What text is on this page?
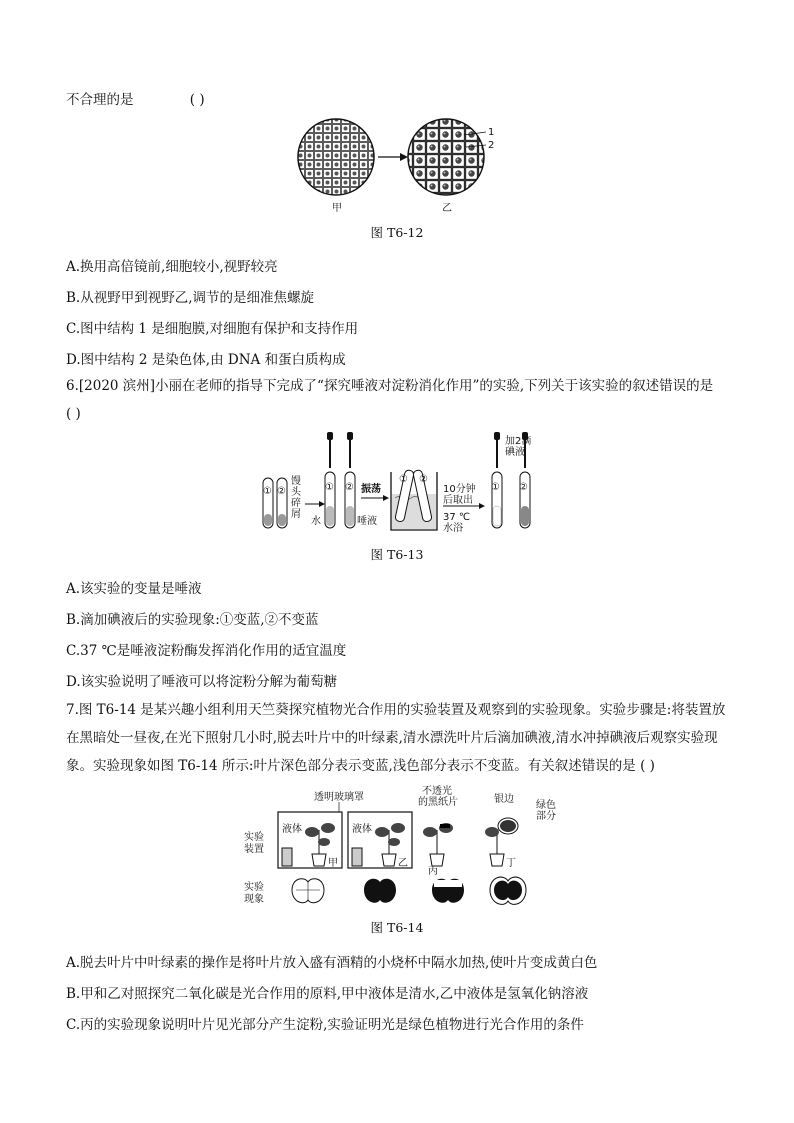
不合理的是	( )
1
2
甲	乙
图 T6-12
A.换用高倍镜前,细胞较小,视野较亮
B.从视野甲到视野乙,调节的是细准焦螺旋
C.图中结构 1 是细胞膜,对细胞有保护和支持作用
D.图中结构 2 是染色体,由 DNA 和蛋白质构成
6.[2020 滨州]小丽在老师的指导下完成了“探究唾液对淀粉消化作用”的实验,下列关于该实验的叙述错误的是
( )
① ②
馒头碎屑
① ②
水	唾液
振荡
① ②
10分钟后取出
37 ℃水浴
① ②
加2滴碘液
图 T6-13
A.该实验的变量是唾液
B.滴加碘液后的实验现象:①变蓝,②不变蓝
C.37 ℃是唾液淀粉酶发挥消化作用的适宜温度
D.该实验说明了唾液可以将淀粉分解为葡萄糖
7.图 T6-14 是某兴趣小组利用天竺葵探究植物光合作用的实验装置及观察到的实验现象。实验步骤是:将装置放在黑暗处一昼夜,在光下照射几小时,脱去叶片中的叶绿素,清水漂洗叶片后滴加碘液,清水冲掉碘液后观察实验现象。实验现象如图 T6-14 所示:叶片深色部分表示变蓝,浅色部分表示不变蓝。有关叙述错误的是 ( )
透明玻璃罩
液体
甲
液体
乙
实验装置
不透光的黑纸片
丙
银边
绿色部分
丁
实验现象
图 T6-14
A.脱去叶片中叶绿素的操作是将叶片放入盛有酒精的小烧杯中隔水加热,使叶片变成黄白色
B.甲和乙对照探究二氧化碳是光合作用的原料,甲中液体是清水,乙中液体是氢氧化钠溶液
C.丙的实验现象说明叶片见光部分产生淀粉,实验证明光是绿色植物进行光合作用的条件
